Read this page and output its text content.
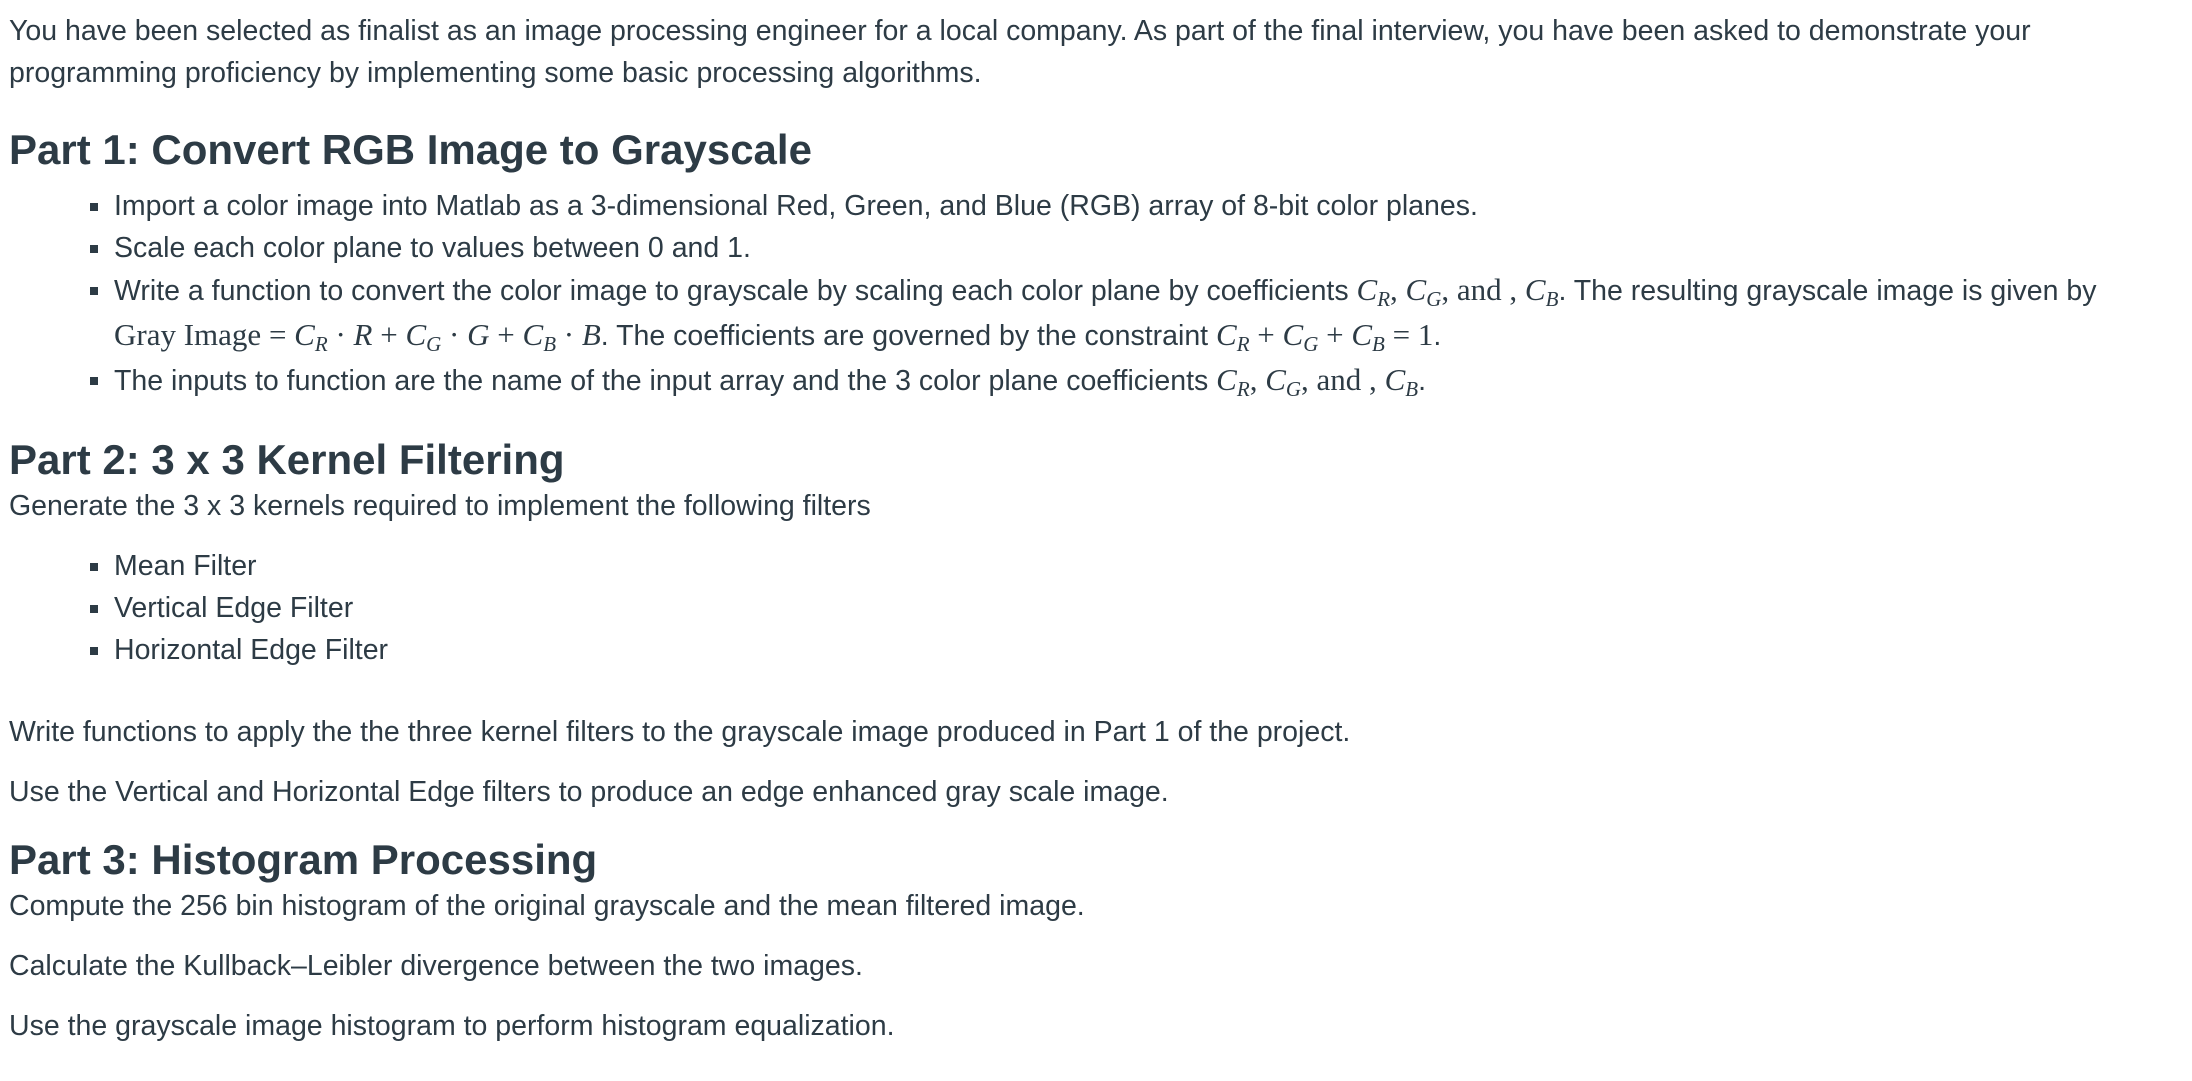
You have been selected as finalist as an image processing engineer for a local company. As part of the final interview, you have been asked to demonstrate your programming proficiency by implementing some basic processing algorithms.

Part 1: Convert RGB Image to Grayscale
Import a color image into Matlab as a 3-dimensional Red, Green, and Blue (RGB) array of 8-bit color planes.
Scale each color plane to values between 0 and 1.
Write a function to convert the color image to grayscale by scaling each color plane by coefficients CR, CG, and , CB. The resulting grayscale image is given by
Gray Image = CR · R + CG · G + CB · B. The coefficients are governed by the constraint CR + CG + CB = 1.
The inputs to function are the name of the input array and the 3 color plane coefficients CR, CG, and , CB.
Part 2: 3 x 3 Kernel Filtering

Generate the 3 x 3 kernels required to implement the following filters

Mean Filter
Vertical Edge Filter
Horizontal Edge Filter

Write functions to apply the the three kernel filters to the grayscale image produced in Part 1 of the project.

Use the Vertical and Horizontal Edge filters to produce an edge enhanced gray scale image.

Part 3: Histogram Processing

Compute the 256 bin histogram of the original grayscale and the mean filtered image.

Calculate the Kullback–Leibler divergence between the two images.

Use the grayscale image histogram to perform histogram equalization.
